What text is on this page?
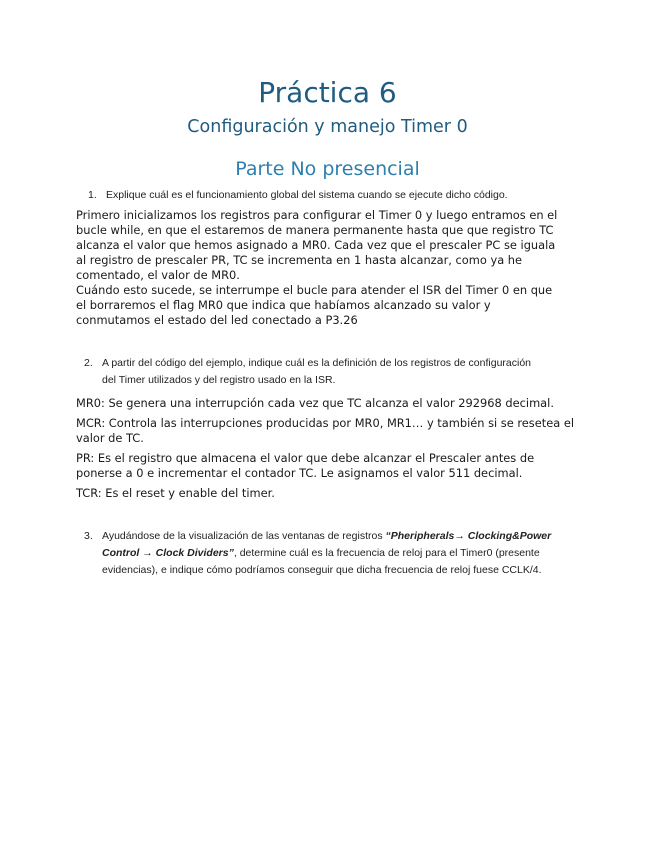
Práctica 6
Configuración y manejo Timer 0
Parte No presencial
1. Explique cuál es el funcionamiento global del sistema cuando se ejecute dicho código.

Primero inicializamos los registros para configurar el Timer 0 y luego entramos en el

bucle while, en que el estaremos de manera permanente hasta que que registro TC

alcanza el valor que hemos asignado a MR0. Cada vez que el prescaler PC se iguala

al registro de prescaler PR, TC se incrementa en 1 hasta alcanzar, como ya he

comentado, el valor de MR0.

Cuándo esto sucede, se interrumpe el bucle para atender el ISR del Timer 0 en que

el borraremos el flag MR0 que indica que habíamos alcanzado su valor y

conmutamos el estado del led conectado a P3.26

2. A partir del código del ejemplo, indique cuál es la definición de los registros de configuración
del Timer utilizados y del registro usado en la ISR.
MR0: Se genera una interrupción cada vez que TC alcanza el valor 292968 decimal.

MCR: Controla las interrupciones producidas por MR0, MR1… y también si se resetea el

valor de TC.

PR: Es el registro que almacena el valor que debe alcanzar el Prescaler antes de

ponerse a 0 e incrementar el contador TC. Le asignamos el valor 511 decimal.

TCR: Es el reset y enable del timer.
3. Ayudándose de la visualización de las ventanas de registros “Pheripherals→ Clocking&Power
Control → Clock Dividers”, determine cuál es la frecuencia de reloj para el Timer0 (presente
evidencias), e indique cómo podríamos conseguir que dicha frecuencia de reloj fuese CCLK/4.
